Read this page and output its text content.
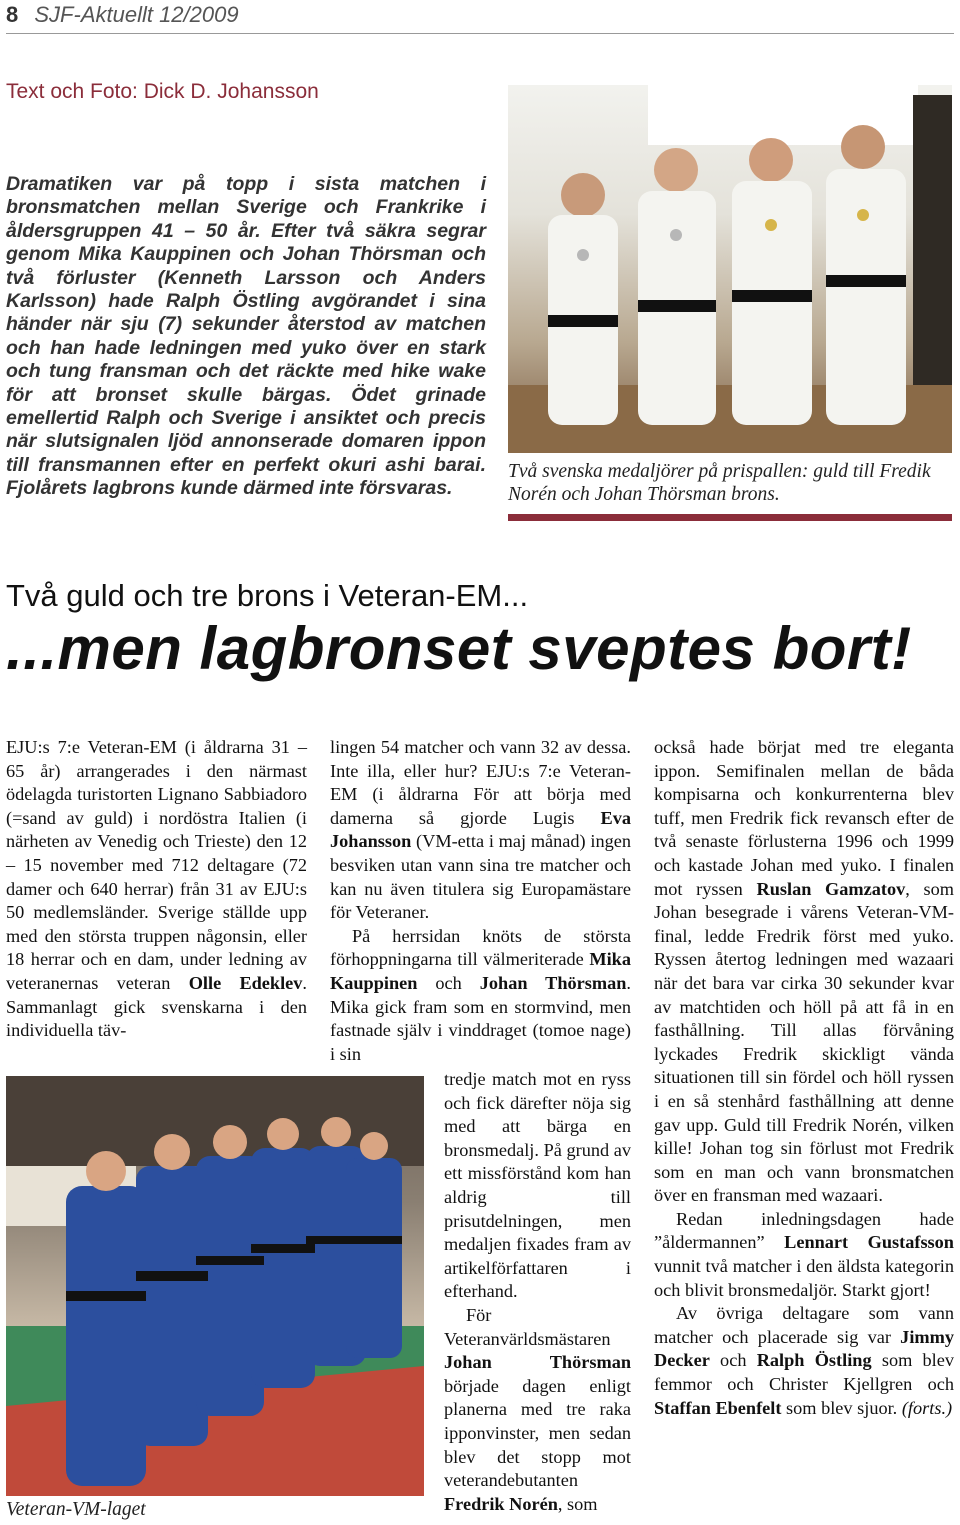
8 SJF-Aktuellt 12/2009
Text och Foto: Dick D. Johansson
Dramatiken var på topp i sista matchen i bronsmatchen mellan Sverige och Frankrike i åldersgruppen 41 – 50 år. Efter två säkra segrar genom Mika Kauppinen och Johan Thörsman och två förluster (Kenneth Larsson och Anders Karlsson) hade Ralph Östling avgörandet i sina händer när sju (7) sekunder återstod av matchen och han hade ledningen med yuko över en stark och tung fransman och det räckte med hike wake för att bronset skulle bärgas. Ödet grinade emellertid Ralph och Sverige i ansiktet och precis när slutsignalen ljöd annonserade domaren ippon till fransmannen efter en perfekt okuri ashi barai. Fjolårets lagbrons kunde därmed inte försvaras.
Två svenska medaljörer på prispallen: guld till Fredik Norén och Johan Thörsman brons.
Två guld och tre brons i Veteran-EM...
...men lagbronset sveptes bort!

EJU:s 7:e Veteran-EM (i åldrarna 31 – 65 år) arrangerades i den närmast ödelagda turistorten Lignano Sabbiadoro (=sand av guld) i nordöstra Italien (i närheten av Venedig och Trieste) den 12 – 15 november med 712 deltagare (72 damer och 640 herrar) från 31 av EJU:s 50 medlemsländer. Sverige ställde upp med den största truppen någonsin, eller 18 herrar och en dam, under ledning av veteranernas veteran Olle Edeklev. Sammanlagt gick svenskarna i den individuella täv-

lingen 54 matcher och vann 32 av dessa. Inte illa, eller hur? EJU:s 7:e Veteran-EM (i åldrarna För att börja med damerna så gjorde Lugis Eva Johansson (VM-etta i maj månad) ingen besviken utan vann sina tre matcher och kan nu även titulera sig Europamästare för Veteraner.

På herrsidan knöts de största förhoppningarna till välmeriterade Mika Kauppinen och Johan Thörsman. Mika gick fram som en stormvind, men fastnade själv i vinddraget (tomoe nage) i sin

tredje match mot en ryss och fick därefter nöja sig med att bärga en bronsmedalj. På grund av ett missförstånd kom han aldrig till prisutdelningen, men medaljen fixades fram av artikelförfattaren i efterhand.

För Veteranvärldsmästaren Johan Thörsman började dagen enligt planerna med tre raka ipponvinster, men sedan blev det stopp mot veterandebutanten Fredrik Norén, som

också hade börjat med tre eleganta ippon. Semifinalen mellan de båda kompisarna och konkurrenterna blev tuff, men Fredrik fick revansch efter de två senaste förlusterna 1996 och 1999 och kastade Johan med yuko. I finalen mot ryssen Ruslan Gamzatov, som Johan besegrade i vårens Veteran-VM-final, ledde Fredrik först med yuko. Ryssen återtog ledningen med wazaari när det bara var cirka 30 sekunder kvar av matchtiden och höll på att få in en fasthållning. Till allas förvåning lyckades Fredrik skickligt vända situationen till sin fördel och höll ryssen i en så stenhård fasthållning att denne gav upp. Guld till Fredrik Norén, vilken kille! Johan tog sin förlust mot Fredrik som en man och vann bronsmatchen över en fransman med wazaari.

Redan inledningsdagen hade ”åldermannen” Lennart Gustafsson vunnit två matcher i den äldsta kategorin och blivit bronsmedaljör. Starkt gjort!

Av övriga deltagare som vann matcher och placerade sig var Jimmy Decker och Ralph Östling som blev femmor och Christer Kjellgren och Staffan Ebenfelt som blev sjuor. (forts.)

Veteran-VM-laget
